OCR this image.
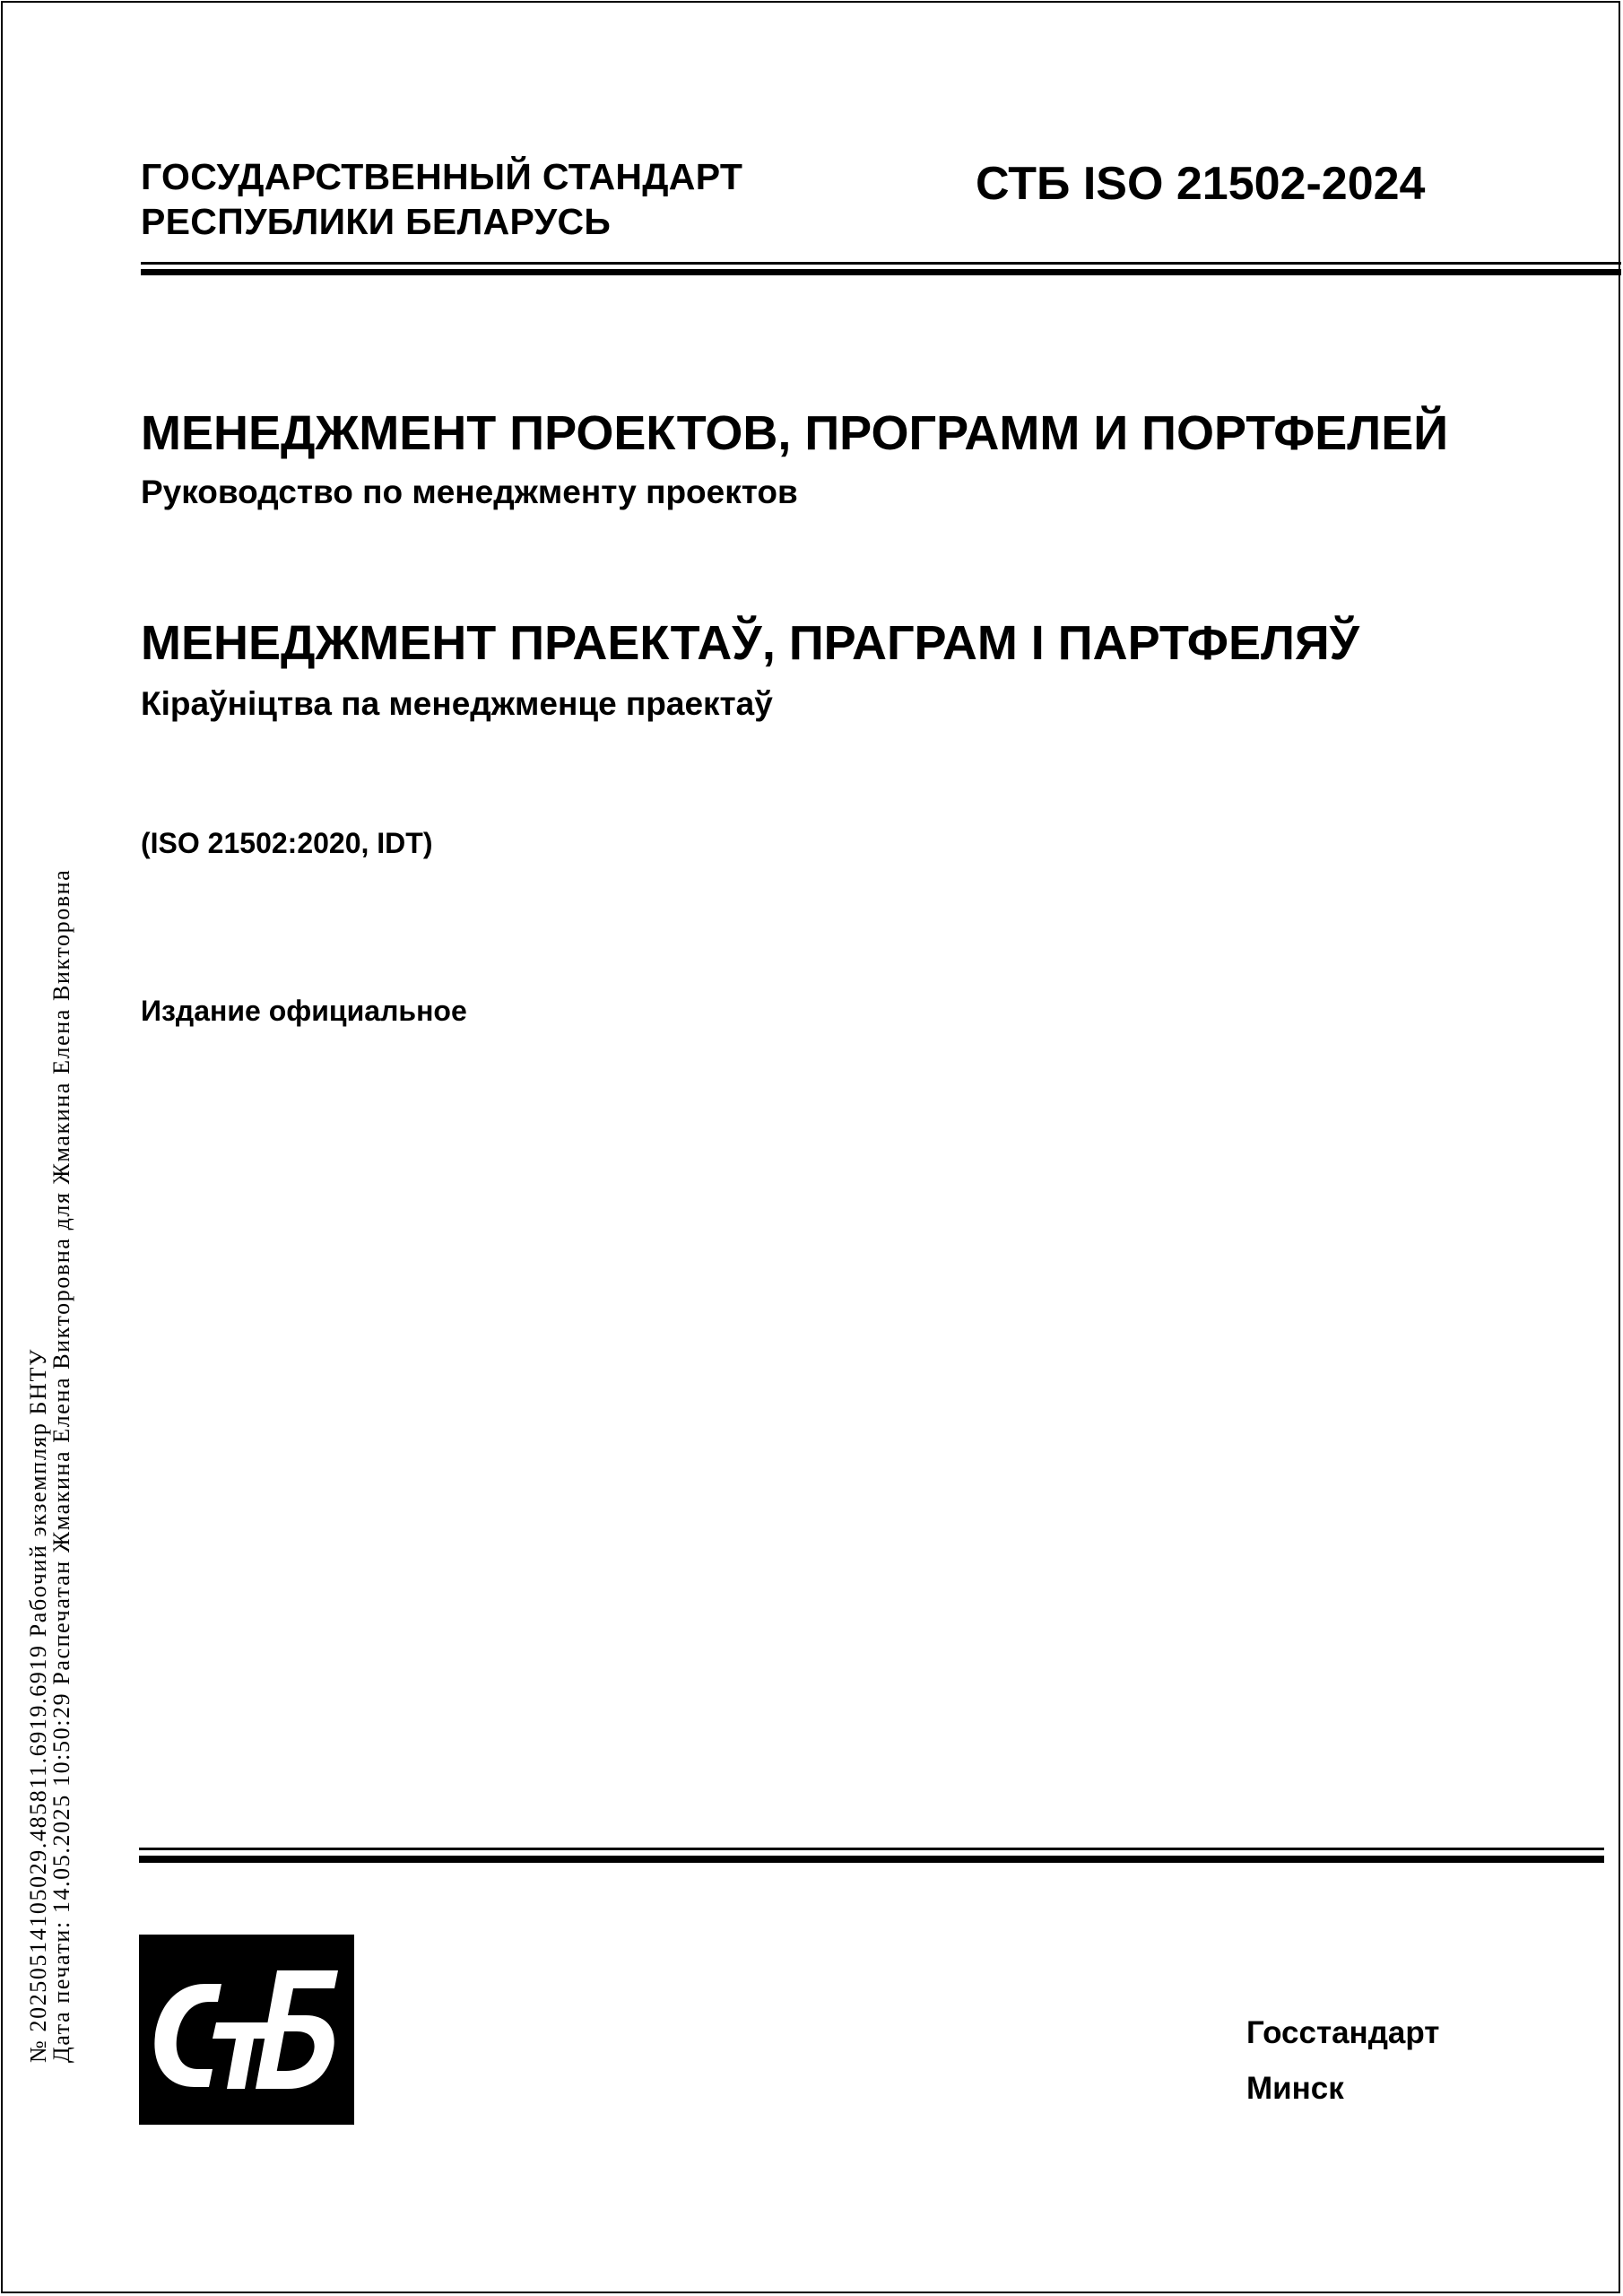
ГОСУДАРСТВЕННЫЙ СТАНДАРТ
РЕСПУБЛИКИ БЕЛАРУСЬ
СТБ ISO 21502-2024
МЕНЕДЖМЕНТ ПРОЕКТОВ, ПРОГРАММ И ПОРТФЕЛЕЙ
Руководство по менеджменту проектов
МЕНЕДЖМЕНТ ПРАЕКТАЎ, ПРАГРАМ І ПАРТФЕЛЯЎ
Кіраўніцтва па менеджменце праектаў
(ISO 21502:2020, IDT)
Издание официальное
№ 20250514105029.485811.6919.6919 Рабочий экземпляр БНТУ
Дата печати: 14.05.2025 10:50:29 Распечатан Жмакина Елена Викторовна для Жмакина Елена Викторовна	Госстандарт
Минск
